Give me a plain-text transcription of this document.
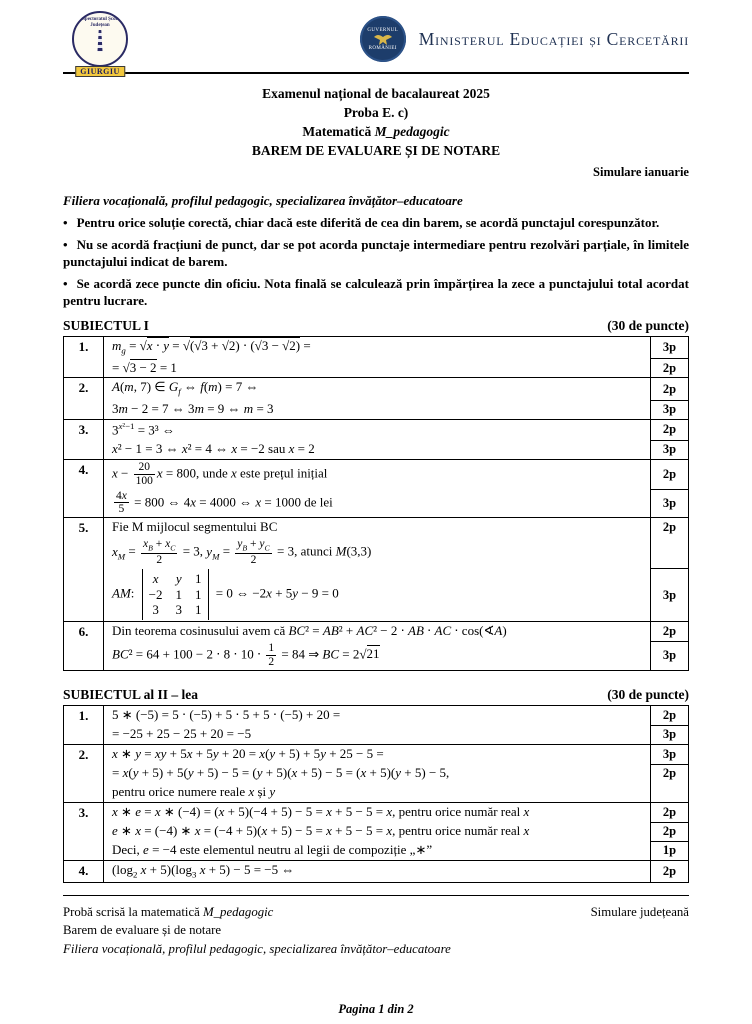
Inspectoratul Școlar Județean
GIURGIU
GUVERNUL
ROMÂNIEI Ministerul Educației și Cercetării
Examenul național de bacalaureat 2025
Proba E. c)
Matematică M_pedagogic
BAREM DE EVALUARE ȘI DE NOTARE
Simulare ianuarie
Filiera vocațională, profilul pedagogic, specializarea învățător–educatoare

• Pentru orice soluție corectă, chiar dacă este diferită de cea din barem, se acordă punctajul corespunzător.

• Nu se acordă fracțiuni de punct, dar se pot acorda punctaje intermediare pentru rezolvări parțiale, în limitele punctajului indicat de barem.

• Se acordă zece puncte din oficiu. Nota finală se calculează prin împărțirea la zece a punctajului total acordat pentru lucrare.

SUBIECTUL I	(30 de puncte)
1.	$m_g = √x \cdot y = √(√3 + √2) \cdot (√3 - √2)$ =	3p
= √3 − 2 = 1	2p
2.	A(m, 7) ∈ $G_f$ ⇔ f(m) = 7 ⇔	2p
3m − 2 = 7 ⇔ 3m = 9 ⇔ m = 3	3p
3.	$3^{x^2-1} = 3^3$ ⇔	2p
x² − 1 = 3 ⇔ x² = 4 ⇔ x = −2 sau x = 2	3p
4.	$x - \frac{20}{100}$ x = 800, unde x este prețul inițial	2p
$\frac{4x}{5} = 800$ ⇔ 4x = 4000 ⇔ x = 1000 de lei	3p
5.	Fie M mijlocul segmentului BC	2p
$x_M = \frac{x_B + x_C}{2} = 3$, $y_M = \frac{y_B + y_C}{2} = 3$, atunci M(3,3)
AM:
x	y 1
−2 1 1
3 3 1
= 0 ⇔ −2x + 5y − 9 = 0	3p
6.	Din teorema cosinusului avem că BC² = AB² + AC² − 2 ⋅ AB ⋅ AC ⋅ cos(∢A)	2p
$BC^2 = 64 + 100 - 2 \cdot 8 \cdot 10 \cdot \frac{1}{2} = 84$ ⇒ BC = 2√21	3p
SUBIECTUL al II – lea	(30 de puncte)
1.	5 ∗ (−5) = 5 ⋅ (−5) + 5 ⋅ 5 + 5 ⋅ (−5) + 20 =	2p
= −25 + 25 − 25 + 20 = −5	3p
2.	x ∗ y = xy + 5x + 5y + 20 = x(y + 5) + 5y + 25 − 5 =	3p
= x(y + 5) + 5(y + 5) − 5 = (y + 5)(x + 5) − 5 = (x + 5)(y + 5) − 5,	2p
pentru orice numere reale x și y
3.	x ∗ e = x ∗ (−4) = (x + 5)(−4 + 5) − 5 = x + 5 − 5 = x, pentru orice număr real x	2p
e ∗ x = (−4) ∗ x = (−4 + 5)(x + 5) − 5 = x + 5 − 5 = x, pentru orice număr real x	2p
Deci, e = −4 este elementul neutru al legii de compoziție „∗”	1p
4.	($\log_2$ $x + 5)(\log_3$ x + 5) − 5 = −5 ⇔	2p
Probă scrisă la matematică M_pedagogic	Simulare județeană
Barem de evaluare și de notare
Filiera vocațională, profilul pedagogic, specializarea învățător–educatoare
Pagina 1 din 2
